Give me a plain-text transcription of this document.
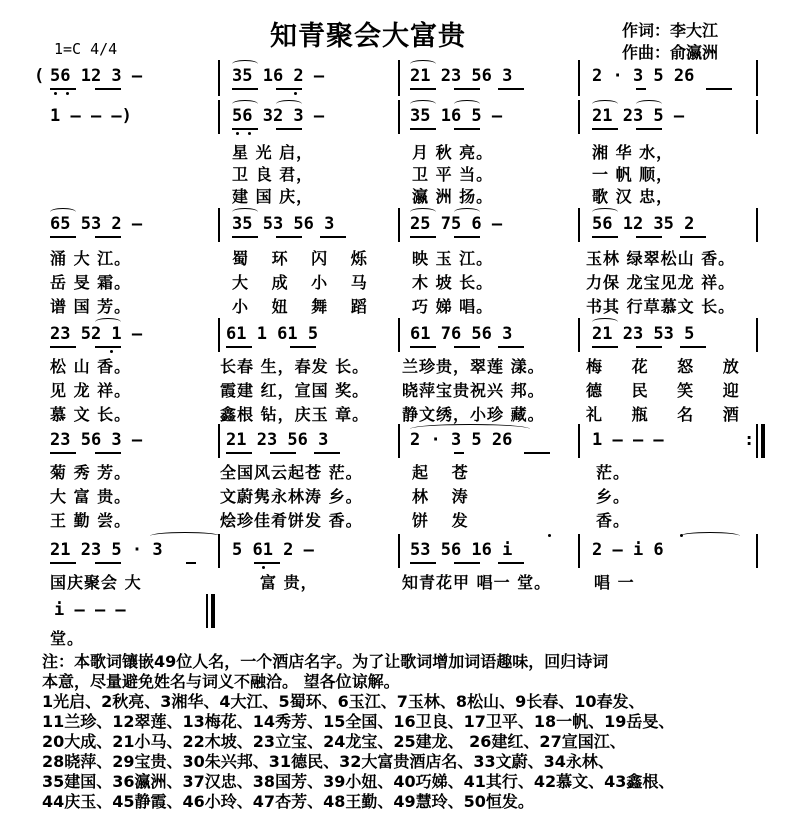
知青聚会大富贵	作词：李大江
作曲：俞瀛洲
1=C 4/4
( 56 12 3 —	35 16 2 —	21 23 56 3	2 · 3 5 26
1 — — —)	56 32 3 —	35 16 5 —	21 23 5 —
星 光 启，	月 秋 亮。	湘 华 水，
卫 良 君，	卫 平 当。	一 帆 顺，
建 国 庆，	瀛 洲 扬。	歌 汉 忠，
65 53 2 —	35 53 56 3	25 75 6 —	56 12 35 2
涌 大 江。	蜀 环 闪 烁 映 玉 江。	玉林 绿翠松山 香。
岳 旻 霜。	大 成 小 马 木 坡 长。	力保 龙宝见龙 祥。
谱 国 芳。	小 妞 舞 蹈 巧 娣 唱。	书其 行草慕文 长。
23 52 1 —	61 1 61 5	61 76 56 3	21 23 53 5
松 山 香。	长春 生，春发 长。 兰珍贵，翠莲 漾。	梅 花 怒 放
见 龙 祥。	霞建 红，宣国 奖。 晓萍宝贵祝兴 邦。	德 民 笑 迎
慕 文 长。	鑫根 钻，庆玉 章。 静文绣，小珍 藏。	礼 瓶 名 酒
23 56 3 —	21 23 56 3	2 · 3 5 26	1 — — —	:
菊 秀 芳。	全国风云起苍 茫。	起 苍	茫。
大 富 贵。	文蔚隽永林涛 乡。	林 涛	乡。
王 勤 尝。	烩珍佳肴饼发 香。	饼 发	香。
21 23 5 · 3	5 61 2 —	53 56 16 i	2 — i 6
国庆聚会 大	富 贵，	知青花甲 唱一 堂。	唱 一
i — — —
堂。
注：本歌词镶嵌49位人名，一个酒店名字。为了让歌词增加词语趣味，回归诗词
本意，尽量避免姓名与词义不融洽。 望各位谅解。
1光启、2秋亮、3湘华、4大江、5蜀环、6玉江、7玉林、8松山、9长春、10春发、
11兰珍、12翠莲、13梅花、14秀芳、15全国、16卫良、17卫平、18一帆、19岳旻、
20大成、21小马、22木坡、23立宝、24龙宝、25建龙、 26建红、27宣国江、
28晓萍、29宝贵、30朱兴邦、31德民、32大富贵酒店名、33文蔚、34永林、
35建国、36瀛洲、37汉忠、38国芳、39小妞、40巧娣、41其行、42慕文、43鑫根、
44庆玉、45静霞、46小玲、47杏芳、48王勤、49慧玲、50恒发。
